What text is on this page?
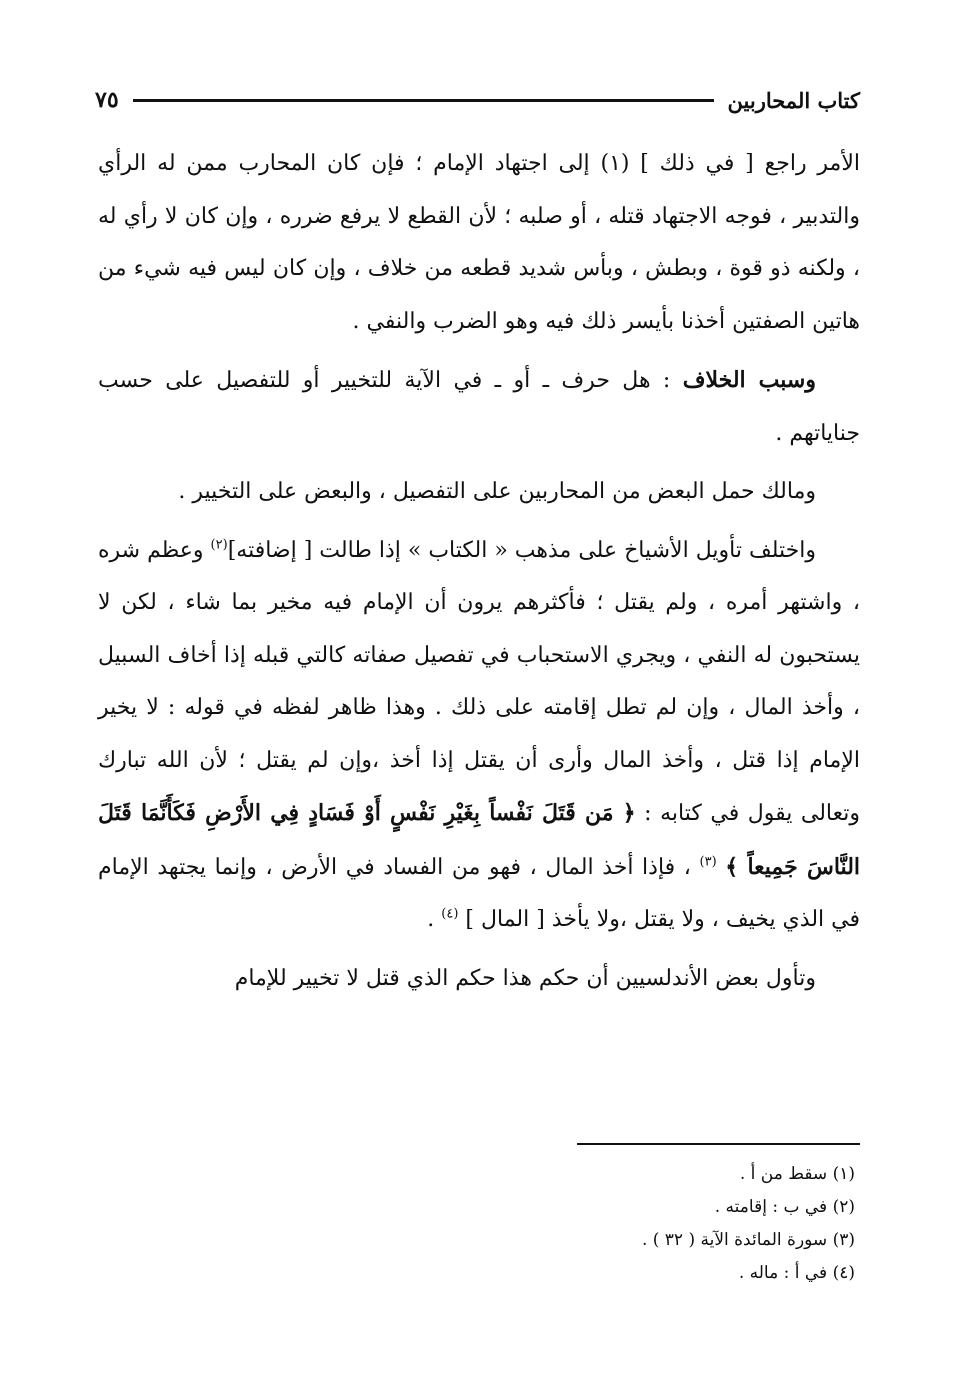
كتاب المحاربين
٧٥

الأمر راجع [ في ذلك ] (١) إلى اجتهاد الإمام ؛ فإن كان المحارب ممن له الرأي والتدبير ، فوجه الاجتهاد قتله ، أو صلبه ؛ لأن القطع لا يرفع ضرره ، وإن كان لا رأي له ، ولكنه ذو قوة ، وبطش ، وبأس شديد قطعه من خلاف ، وإن كان ليس فيه شيء من هاتين الصفتين أخذنا بأيسر ذلك فيه وهو الضرب والنفي .

وسبب الخلاف : هل حرف ـ أو ـ في الآية للتخيير أو للتفصيل على حسب جناياتهم .

ومالك حمل البعض من المحاربين على التفصيل ، والبعض على التخيير .

واختلف تأويل الأشياخ على مذهب « الكتاب » إذا طالت [ إضافته]$^{(٢)}$ وعظم شره ، واشتهر أمره ، ولم يقتل ؛ فأكثرهم يرون أن الإمام فيه مخير بما شاء ، لكن لا يستحبون له النفي ، ويجري الاستحباب في تفصيل صفاته كالتي قبله إذا أخاف السبيل ، وأخذ المال ، وإن لم تطل إقامته على ذلك . وهذا ظاهر لفظه في قوله : لا يخير الإمام إذا قتل ، وأخذ المال وأرى أن يقتل إذا أخذ ،وإن لم يقتل ؛ لأن الله تبارك وتعالى يقول في كتابه : ﴿ مَن قَتَلَ نَفْساً بِغَيْرِ نَفْسٍ أَوْ فَسَادٍ فِي الأَرْضِ فَكَأَنَّمَا قَتَلَ النَّاسَ جَمِيعاً ﴾ $^{(٣)}$ ، فإذا أخذ المال ، فهو من الفساد في الأرض ، وإنما يجتهد الإمام في الذي يخيف ، ولا يقتل ،ولا يأخذ [ المال ] $^{(٤)}$ .

وتأول بعض الأندلسيين أن حكم هذا حكم الذي قتل لا تخيير للإمام

(١) سقط من أ .

(٢) في ب : إقامته .

(٣) سورة المائدة الآية ( ٣٢ ) .

(٤) في أ : ماله .
